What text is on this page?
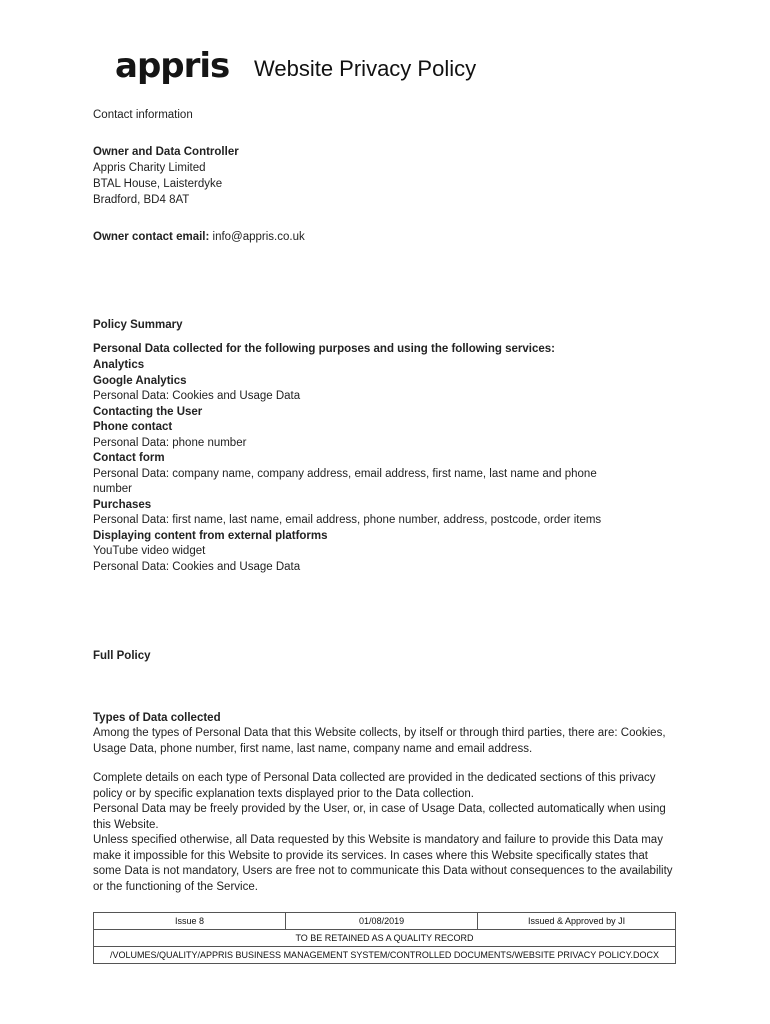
appris Website Privacy Policy
Contact information
Owner and Data Controller
Appris Charity Limited
BTAL House, Laisterdyke
Bradford, BD4 8AT
Owner contact email: info@appris.co.uk
Policy Summary
Personal Data collected for the following purposes and using the following services:
Analytics
Google Analytics
Personal Data: Cookies and Usage Data
Contacting the User
Phone contact
Personal Data: phone number
Contact form
Personal Data: company name, company address, email address, first name, last name and phone
number
Purchases
Personal Data: first name, last name, email address, phone number, address, postcode, order items
Displaying content from external platforms
YouTube video widget
Personal Data: Cookies and Usage Data
Full Policy
Types of Data collected

Among the types of Personal Data that this Website collects, by itself or through third parties, there are: Cookies, Usage Data, phone number, first name, last name, company name and email address.

Complete details on each type of Personal Data collected are provided in the dedicated sections of this privacy policy or by specific explanation texts displayed prior to the Data collection.

Personal Data may be freely provided by the User, or, in case of Usage Data, collected automatically when using this Website.

Unless specified otherwise, all Data requested by this Website is mandatory and failure to provide this Data may make it impossible for this Website to provide its services. In cases where this Website specifically states that some Data is not mandatory, Users are free not to communicate this Data without consequences to the availability or the functioning of the Service.

Issue 8	01/08/2019	Issued & Approved by JI
TO BE RETAINED AS A QUALITY RECORD
/VOLUMES/QUALITY/APPRIS BUSINESS MANAGEMENT SYSTEM/CONTROLLED DOCUMENTS/WEBSITE PRIVACY POLICY.DOCX
